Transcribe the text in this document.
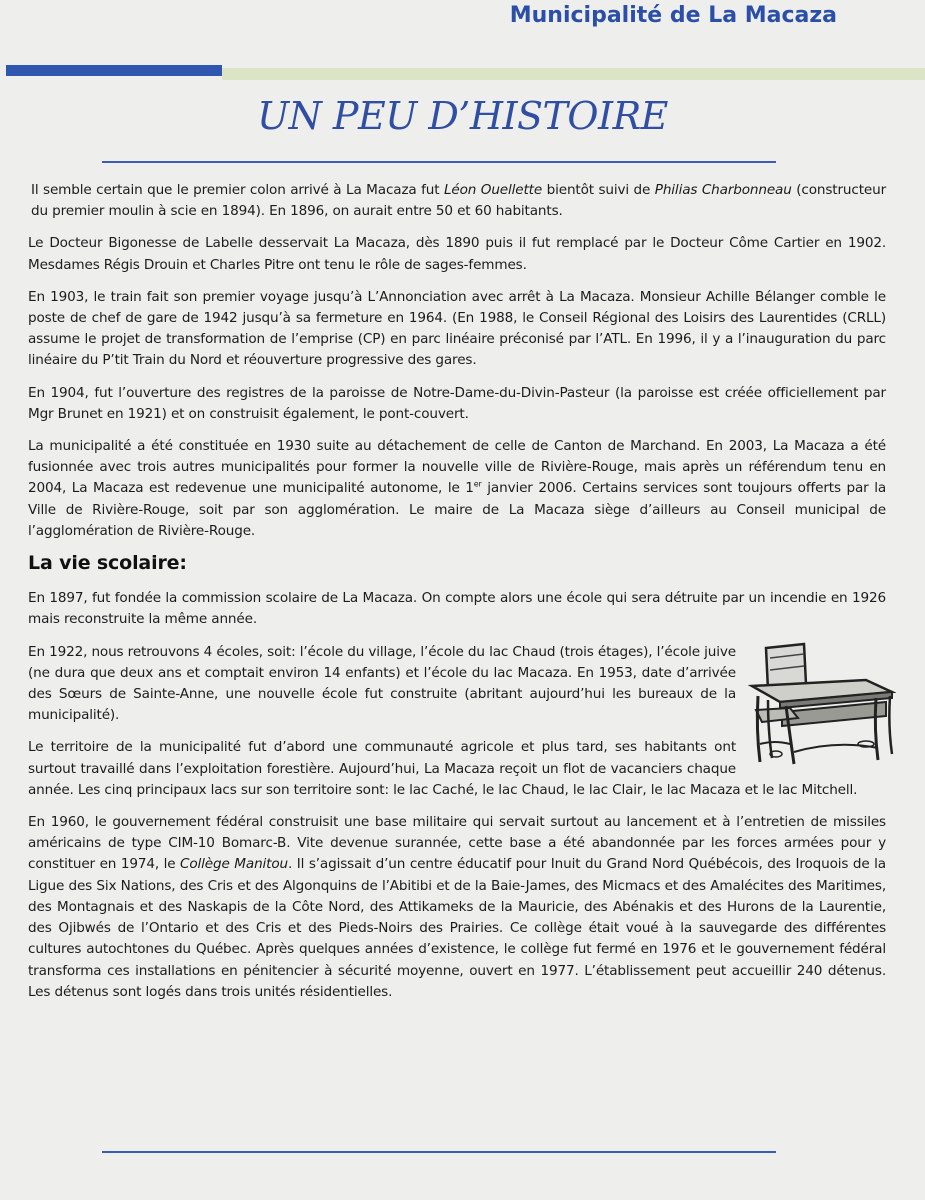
Municipalité de La Macaza
UN PEU D’HISTOIRE

Il semble certain que le premier colon arrivé à La Macaza fut Léon Ouellette bientôt suivi de Philias Charbonneau (constructeur du premier moulin à scie en 1894). En 1896, on aurait entre 50 et 60 habitants.

Le Docteur Bigonesse de Labelle desservait La Macaza, dès 1890 puis il fut remplacé par le Docteur Côme Cartier en 1902. Mesdames Régis Drouin et Charles Pitre ont tenu le rôle de sages-femmes.

En 1903, le train fait son premier voyage jusqu’à L’Annonciation avec arrêt à La Macaza. Monsieur Achille Bélanger comble le poste de chef de gare de 1942 jusqu’à sa fermeture en 1964. (En 1988, le Conseil Régional des Loisirs des Laurentides (CRLL) assume le projet de transformation de l’emprise (CP) en parc linéaire préconisé par l’ATL. En 1996, il y a l’inauguration du parc linéaire du P’tit Train du Nord et réouverture progressive des gares.

En 1904, fut l’ouverture des registres de la paroisse de Notre-Dame-du-Divin-Pasteur (la paroisse est créée officiellement par Mgr Brunet en 1921) et on construisit également, le pont-couvert.

La municipalité a été constituée en 1930 suite au détachement de celle de Canton de Marchand. En 2003, La Macaza a été fusionnée avec trois autres municipalités pour former la nouvelle ville de Rivière-Rouge, mais après un référendum tenu en 2004, La Macaza est redevenue une municipalité autonome, le 1er janvier 2006. Certains services sont toujours offerts par la Ville de Rivière-Rouge, soit par son agglomération. Le maire de La Macaza siège d’ailleurs au Conseil municipal de l’agglomération de Rivière-Rouge.

La vie scolaire:

En 1897, fut fondée la commission scolaire de La Macaza. On compte alors une école qui sera détruite par un incendie en 1926 mais reconstruite la même année.

En 1922, nous retrouvons 4 écoles, soit: l’école du village, l’école du lac Chaud (trois étages), l’école juive (ne dura que deux ans et comptait environ 14 enfants) et l’école du lac Macaza. En 1953, date d’arrivée des Sœurs de Sainte-Anne, une nouvelle école fut construite (abritant aujourd’hui les bureaux de la municipalité).

Le territoire de la municipalité fut d’abord une communauté agricole et plus tard, ses habitants ont surtout travaillé dans l’exploitation forestière. Aujourd’hui, La Macaza reçoit un flot de vacanciers chaque année. Les cinq principaux lacs sur son territoire sont: le lac Caché, le lac Chaud, le lac Clair, le lac Macaza et le lac Mitchell.

En 1960, le gouvernement fédéral construisit une base militaire qui servait surtout au lancement et à l’entretien de missiles américains de type CIM-10 Bomarc-B. Vite devenue surannée, cette base a été abandonnée par les forces armées pour y constituer en 1974, le Collège Manitou. Il s’agissait d’un centre éducatif pour Inuit du Grand Nord Québécois, des Iroquois de la Ligue des Six Nations, des Cris et des Algonquins de l’Abitibi et de la Baie-James, des Micmacs et des Amalécites des Maritimes, des Montagnais et des Naskapis de la Côte Nord, des Attikameks de la Mauricie, des Abénakis et des Hurons de la Laurentie, des Ojibwés de l’Ontario et des Cris et des Pieds-Noirs des Prairies. Ce collège était voué à la sauvegarde des différentes cultures autochtones du Québec. Après quelques années d’existence, le collège fut fermé en 1976 et le gouvernement fédéral transforma ces installations en pénitencier à sécurité moyenne, ouvert en 1977. L’établissement peut accueillir 240 détenus. Les détenus sont logés dans trois unités résidentielles.
